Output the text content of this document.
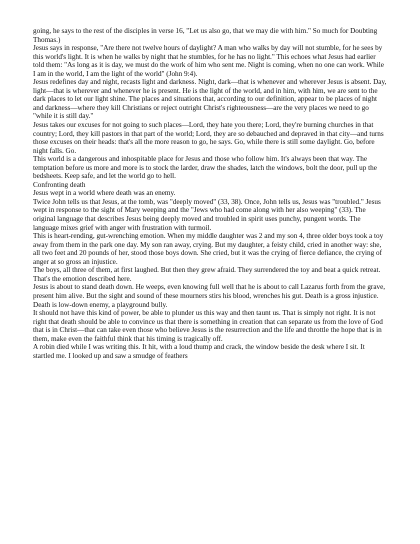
going, he says to the rest of the disciples in verse 16, "Let us also go, that we may die with him." So much for Doubting Thomas.)

Jesus says in response, "Are there not twelve hours of daylight? A man who walks by day will not stumble, for he sees by this world's light. It is when he walks by night that he stumbles, for he has no light." This echoes what Jesus had earlier told them: "As long as it is day, we must do the work of him who sent me. Night is coming, when no one can work. While I am in the world, I am the light of the world" (John 9:4).

Jesus redefines day and night, recasts light and darkness. Night, dark—that is whenever and wherever Jesus is absent. Day, light—that is wherever and whenever he is present. He is the light of the world, and in him, with him, we are sent to the dark places to let our light shine. The places and situations that, according to our definition, appear to be places of night and darkness—where they kill Christians or reject outright Christ's righteousness—are the very places we need to go "while it is still day."

Jesus takes our excuses for not going to such places—Lord, they hate you there; Lord, they're burning churches in that country; Lord, they kill pastors in that part of the world; Lord, they are so debauched and depraved in that city—and turns those excuses on their heads: that's all the more reason to go, he says. Go, while there is still some daylight. Go, before night falls. Go.

This world is a dangerous and inhospitable place for Jesus and those who follow him. It's always been that way. The temptation before us more and more is to stock the larder, draw the shades, latch the windows, bolt the door, pull up the bedsheets. Keep safe, and let the world go to hell.

Confronting death

Jesus wept in a world where death was an enemy.

Twice John tells us that Jesus, at the tomb, was "deeply moved" (33, 38). Once, John tells us, Jesus was "troubled." Jesus wept in response to the sight of Mary weeping and the "Jews who had come along with her also weeping" (33). The original language that describes Jesus being deeply moved and troubled in spirit uses punchy, pungent words. The language mixes grief with anger with frustration with turmoil.

This is heart-rending, gut-wrenching emotion. When my middle daughter was 2 and my son 4, three older boys took a toy away from them in the park one day. My son ran away, crying. But my daughter, a feisty child, cried in another way: she, all two feet and 20 pounds of her, stood those boys down. She cried, but it was the crying of fierce defiance, the crying of anger at so gross an injustice.

The boys, all three of them, at first laughed. But then they grew afraid. They surrendered the toy and beat a quick retreat. That's the emotion described here.

Jesus is about to stand death down. He weeps, even knowing full well that he is about to call Lazarus forth from the grave, present him alive. But the sight and sound of these mourners stirs his blood, wrenches his gut. Death is a gross injustice. Death is low-down enemy, a playground bully.

It should not have this kind of power, be able to plunder us this way and then taunt us. That is simply not right. It is not right that death should be able to convince us that there is something in creation that can separate us from the love of God that is in Christ—that can take even those who believe Jesus is the resurrection and the life and throttle the hope that is in them, make even the faithful think that his timing is tragically off.

A robin died while I was writing this. It hit, with a loud thump and crack, the window beside the desk where I sit. It startled me. I looked up and saw a smudge of feathers
